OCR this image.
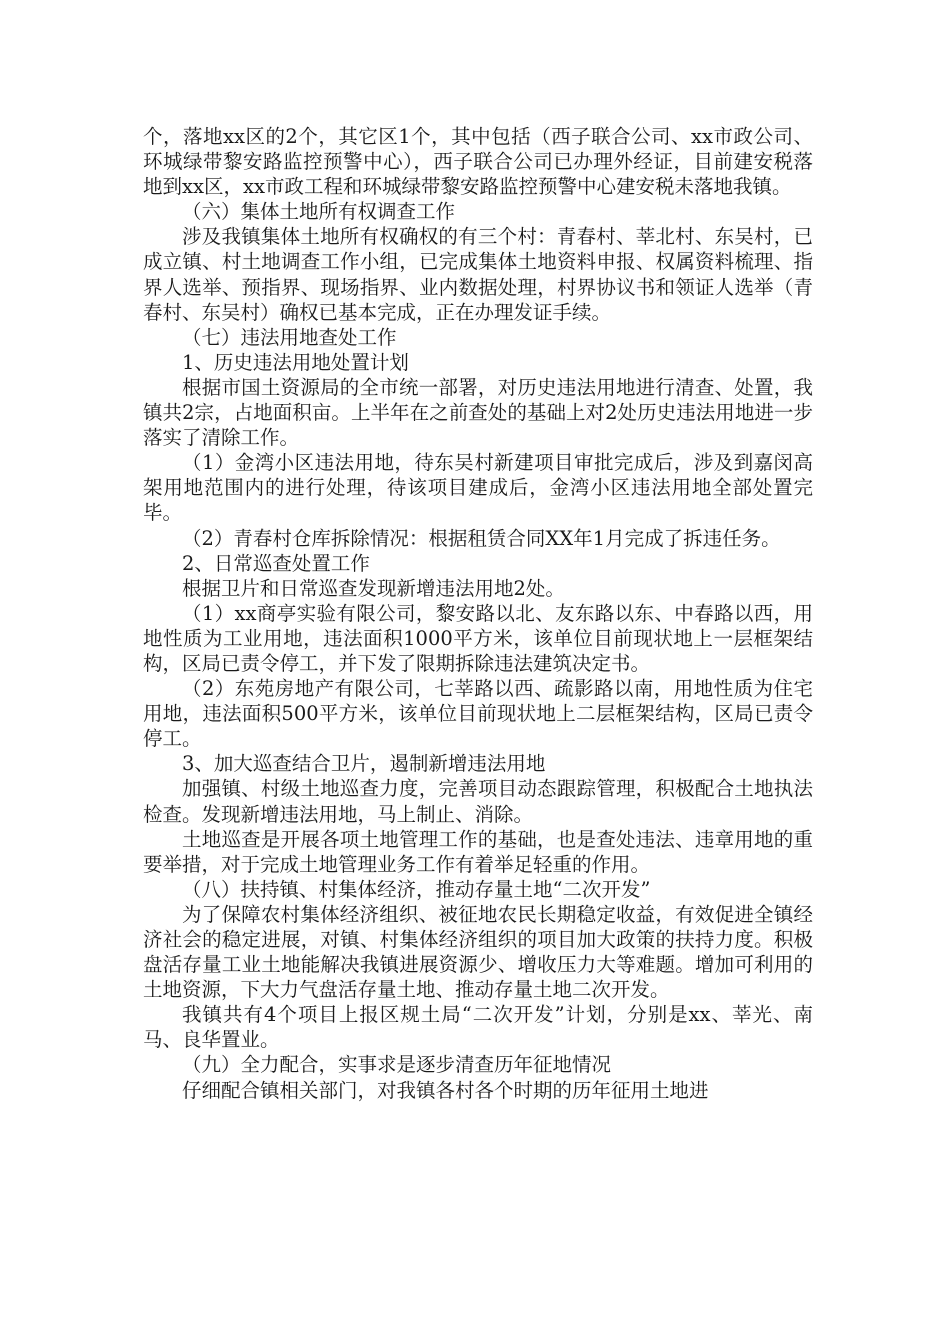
个，落地xx区的2个，其它区1个，其中包括（西子联合公司、xx市政公司、环城绿带黎安路监控预警中心），西子联合公司已办理外经证，目前建安税落地到xx区，xx市政工程和环城绿带黎安路监控预警中心建安税未落地我镇。

（六）集体土地所有权调查工作

涉及我镇集体土地所有权确权的有三个村：青春村、莘北村、东吴村，已成立镇、村土地调查工作小组，已完成集体土地资料申报、权属资料梳理、指界人选举、预指界、现场指界、业内数据处理，村界协议书和领证人选举（青春村、东吴村）确权已基本完成，正在办理发证手续。

（七）违法用地查处工作

1、历史违法用地处置计划

根据市国土资源局的全市统一部署，对历史违法用地进行清查、处置，我镇共2宗，占地面积亩。上半年在之前查处的基础上对2处历史违法用地进一步落实了清除工作。

（1）金湾小区违法用地，待东吴村新建项目审批完成后，涉及到嘉闵高架用地范围内的进行处理，待该项目建成后，金湾小区违法用地全部处置完毕。

（2）青春村仓库拆除情况：根据租赁合同XX年1月完成了拆违任务。

2、日常巡查处置工作

根据卫片和日常巡查发现新增违法用地2处。

（1）xx商亭实验有限公司，黎安路以北、友东路以东、中春路以西，用地性质为工业用地，违法面积1000平方米，该单位目前现状地上一层框架结构，区局已责令停工，并下发了限期拆除违法建筑决定书。

（2）东苑房地产有限公司，七莘路以西、疏影路以南，用地性质为住宅用地，违法面积500平方米，该单位目前现状地上二层框架结构，区局已责令停工。

3、加大巡查结合卫片，遏制新增违法用地

加强镇、村级土地巡查力度，完善项目动态跟踪管理，积极配合土地执法检查。发现新增违法用地，马上制止、消除。

土地巡查是开展各项土地管理工作的基础，也是查处违法、违章用地的重要举措，对于完成土地管理业务工作有着举足轻重的作用。

（八）扶持镇、村集体经济，推动存量土地“二次开发”

为了保障农村集体经济组织、被征地农民长期稳定收益，有效促进全镇经济社会的稳定进展，对镇、村集体经济组织的项目加大政策的扶持力度。积极盘活存量工业土地能解决我镇进展资源少、增收压力大等难题。增加可利用的土地资源，下大力气盘活存量土地、推动存量土地二次开发。

我镇共有4个项目上报区规土局“二次开发”计划，分别是xx、莘光、南马、良华置业。

（九）全力配合，实事求是逐步清查历年征地情况

仔细配合镇相关部门，对我镇各村各个时期的历年征用土地进
